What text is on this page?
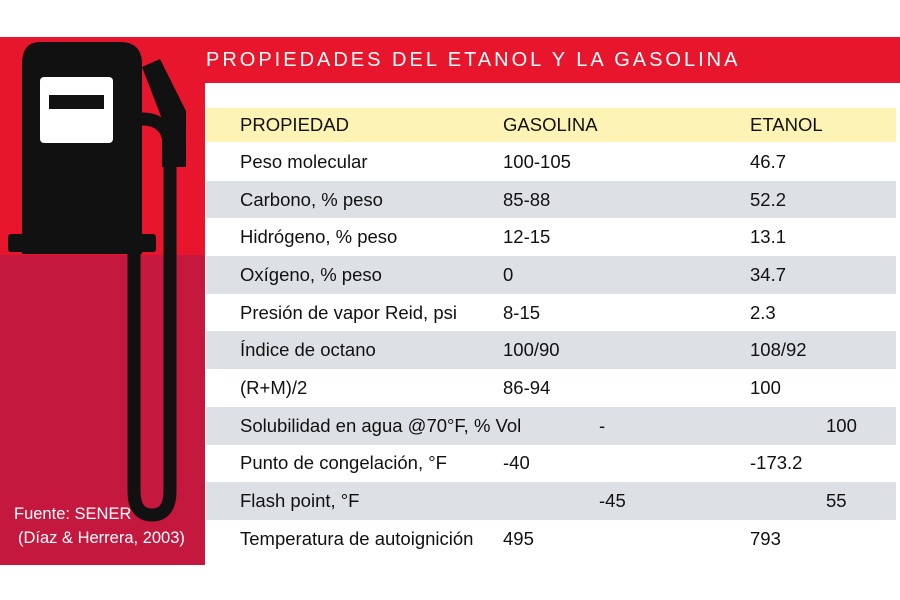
PROPIEDADES DEL ETANOL Y LA GASOLINA
Fuente: SENER
(Díaz & Herrera, 2003)
PROPIEDAD	GASOLINA	ETANOL
Peso molecular	100-105	46.7
Carbono, % peso	85-88	52.2
Hidrógeno, % peso	12-15	13.1
Oxígeno, % peso	0	34.7
Presión de vapor Reid, psi 8-15	2.3
Índice de octano	100/90	108/92
(R+M)/2	86-94	100
Solubilidad en agua @70°F, % Vol	-	100
Punto de congelación, °F	-40	-173.2
Flash point, °F	-45	55
Temperatura de autoignición 495	793
